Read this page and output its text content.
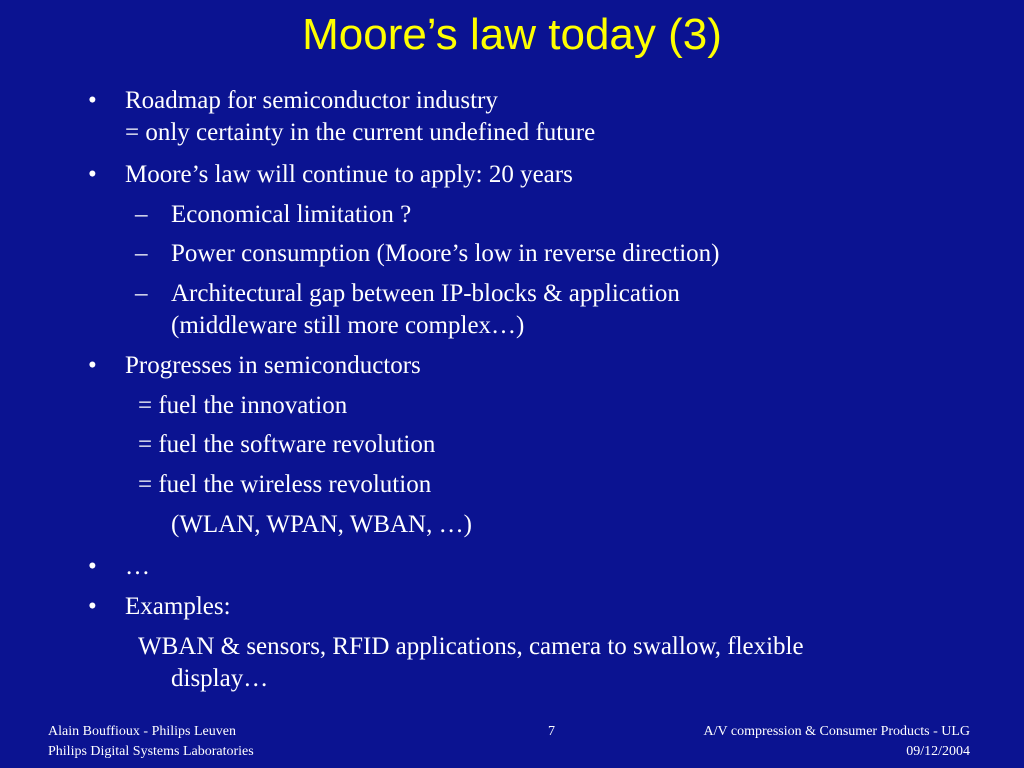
Moore’s law today (3)
• Roadmap for semiconductor industry
= only certainty in the current undefined future
• Moore’s law will continue to apply: 20 years
– Economical limitation ?
– Power consumption (Moore’s low in reverse direction)
– Architectural gap between IP-blocks & application
(middleware still more complex…)
• Progresses in semiconductors
= fuel the innovation
= fuel the software revolution
= fuel the wireless revolution
(WLAN, WPAN, WBAN, …)
• …
• Examples:
WBAN & sensors, RFID applications, camera to swallow, flexible
display…
Alain Bouffioux - Philips Leuven
Philips Digital Systems Laboratories
7	A/V compression & Consumer Products - ULG
09/12/2004
